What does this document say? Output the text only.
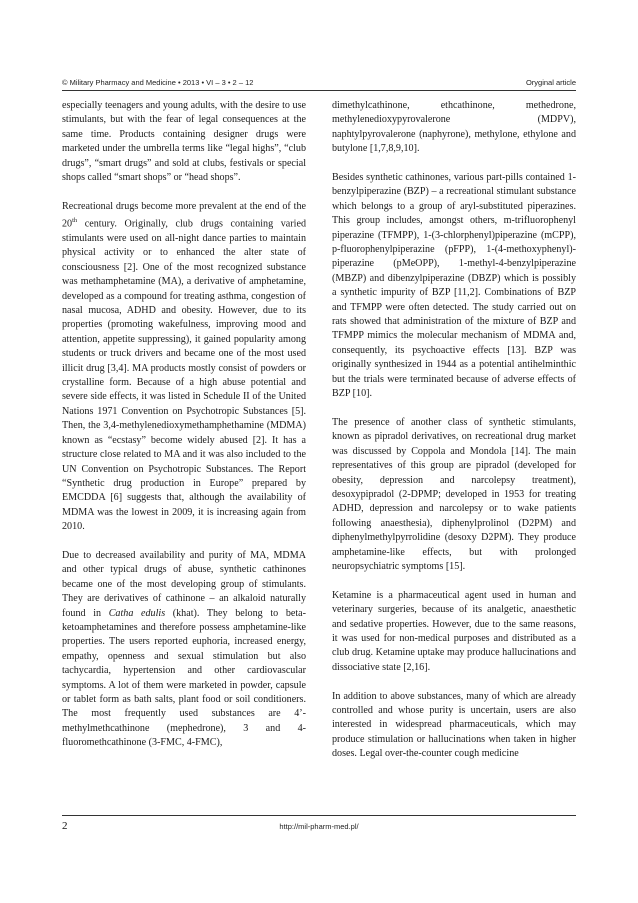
© Military Pharmacy and Medicine • 2013 • VI – 3 • 2 – 12	Oryginal article

especially teenagers and young adults, with the desire to use stimulants, but with the fear of legal consequences at the same time. Products containing designer drugs were marketed under the umbrella terms like “legal highs”, “club drugs”, “smart drugs” and sold at clubs, festivals or special shops called “smart shops” or “head shops”.

Recreational drugs become more prevalent at the end of the 20th century. Originally, club drugs containing varied stimulants were used on all-night dance parties to maintain physical activity or to enhanced the alter state of consciousness [2]. One of the most recognized substance was methamphetamine (MA), a derivative of amphetamine, developed as a compound for treating asthma, congestion of nasal mucosa, ADHD and obesity. However, due to its properties (promoting wakefulness, improving mood and attention, appetite suppressing), it gained popularity among students or truck drivers and became one of the most used illicit drug [3,4]. MA products mostly consist of powders or crystalline form. Because of a high abuse potential and severe side effects, it was listed in Schedule II of the United Nations 1971 Convention on Psychotropic Substances [5]. Then, the 3,4-methylenedioxymethamphethamine (MDMA) known as “ecstasy” become widely abused [2]. It has a structure close related to MA and it was also included to the UN Convention on Psychotropic Substances. The Report “Synthetic drug production in Europe” prepared by EMCDDA [6] suggests that, although the availability of MDMA was the lowest in 2009, it is increasing again from 2010.

Due to decreased availability and purity of MA, MDMA and other typical drugs of abuse, synthetic cathinones became one of the most developing group of stimulants. They are derivatives of cathinone – an alkaloid naturally found in Catha edulis (khat). They belong to beta-ketoamphetamines and therefore possess amphetamine-like properties. The users reported euphoria, increased energy, empathy, openness and sexual stimulation but also tachycardia, hypertension and other cardiovascular symptoms. A lot of them were marketed in powder, capsule or tablet form as bath salts, plant food or soil conditioners. The most frequently used substances are 4’-methylmethcathinone (mephedrone), 3 and 4-fluoromethcathinone (3-FMC, 4-FMC),

dimethylcathinone, ethcathinone, methedrone, methylenedioxypyrovalerone (MDPV), naphtylpyrovalerone (naphyrone), methylone, ethylone and butylone [1,7,8,9,10].

Besides synthetic cathinones, various part-pills contained 1-benzylpiperazine (BZP) – a recreational stimulant substance which belongs to a group of aryl-substituted piperazines. This group includes, amongst others, m-trifluorophenyl piperazine (TFMPP), 1-(3-chlorphenyl)piperazine (mCPP), p-fluorophenylpiperazine (pFPP), 1-(4-methoxyphenyl)-piperazine (pMeOPP), 1-methyl-4-benzylpiperazine (MBZP) and dibenzylpiperazine (DBZP) which is possibly a synthetic impurity of BZP [11,2]. Combinations of BZP and TFMPP were often detected. The study carried out on rats showed that administration of the mixture of BZP and TFMPP mimics the molecular mechanism of MDMA and, consequently, its psychoactive effects [13]. BZP was originally synthesized in 1944 as a potential antihelminthic but the trials were terminated because of adverse effects of BZP [10].

The presence of another class of synthetic stimulants, known as pipradol derivatives, on recreational drug market was discussed by Coppola and Mondola [14]. The main representatives of this group are pipradol (developed for obesity, depression and narcolepsy treatment), desoxypipradol (2-DPMP; developed in 1953 for treating ADHD, depression and narcolepsy or to wake patients following anaesthesia), diphenylprolinol (D2PM) and diphenylmethylpyrrolidine (desoxy D2PM). They produce amphetamine-like effects, but with prolonged neuropsychiatric symptoms [15].

Ketamine is a pharmaceutical agent used in human and veterinary surgeries, because of its analgetic, anaesthetic and sedative properties. However, due to the same reasons, it was used for non-medical purposes and distributed as a club drug. Ketamine uptake may produce hallucinations and dissociative state [2,16].

In addition to above substances, many of which are already controlled and whose purity is uncertain, users are also interested in widespread pharmaceuticals, which may produce stimulation or hallucinations when taken in higher doses. Legal over-the-counter cough medicine

2	http://mil-pharm-med.pl/
